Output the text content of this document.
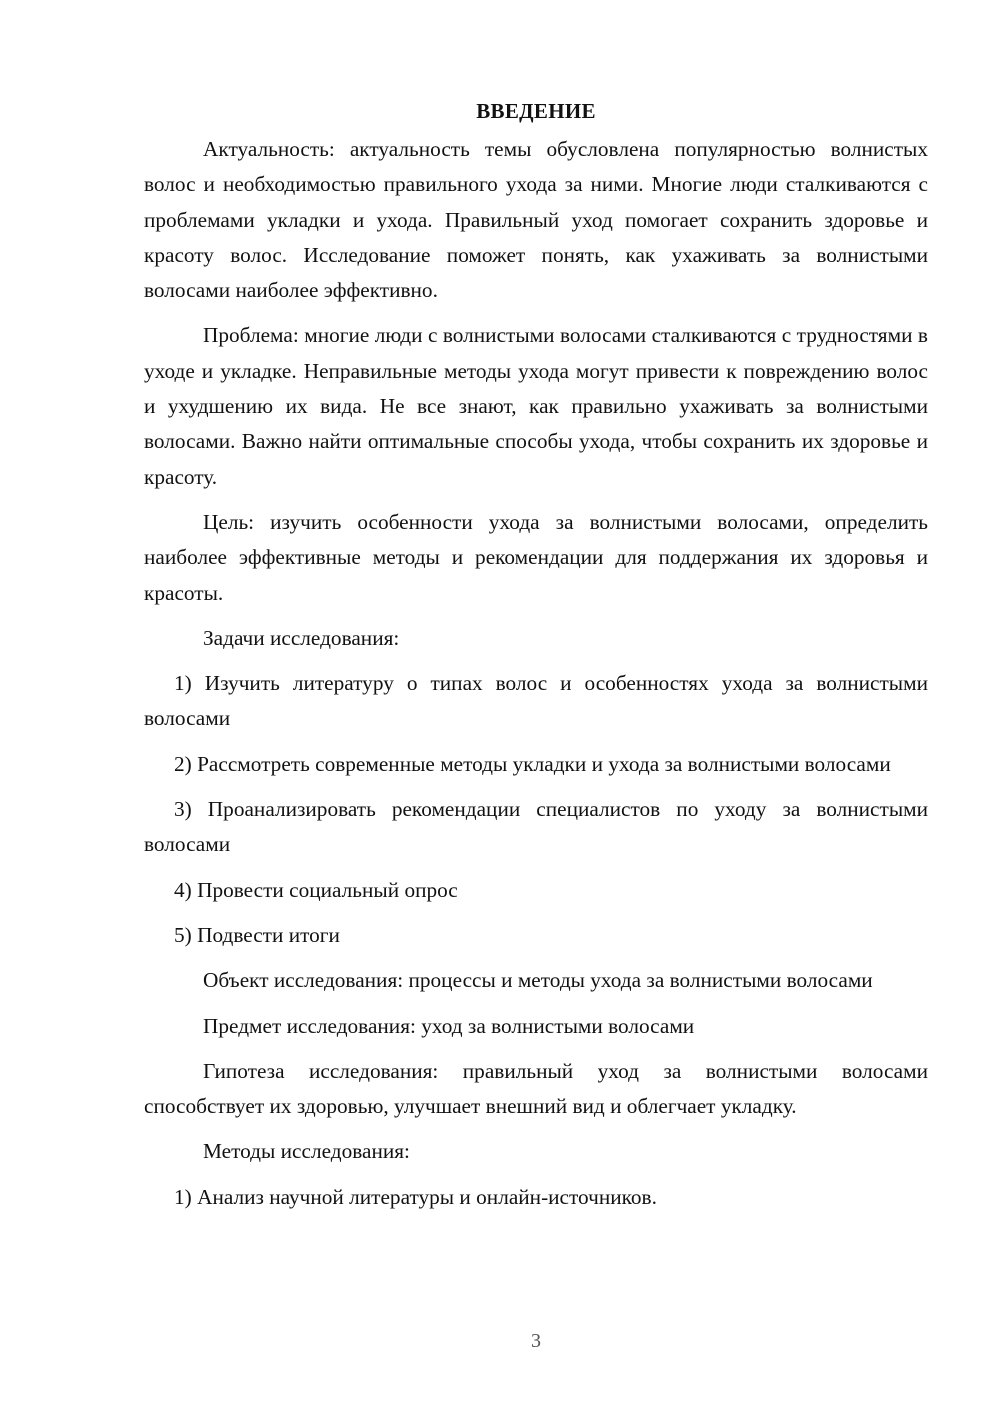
ВВЕДЕНИЕ

Актуальность: актуальность темы обусловлена популярностью волнистых волос и необходимостью правильного ухода за ними. Многие люди сталкиваются с проблемами укладки и ухода. Правильный уход помогает сохранить здоровье и красоту волос. Исследование поможет понять, как ухаживать за волнистыми волосами наиболее эффективно.

Проблема: многие люди с волнистыми волосами сталкиваются с трудностями в уходе и укладке. Неправильные методы ухода могут привести к повреждению волос и ухудшению их вида. Не все знают, как правильно ухаживать за волнистыми волосами. Важно найти оптимальные способы ухода, чтобы сохранить их здоровье и красоту.

Цель: изучить особенности ухода за волнистыми волосами, определить наиболее эффективные методы и рекомендации для поддержания их здоровья и красоты.

Задачи исследования:

1) Изучить литературу о типах волос и особенностях ухода за волнистыми волосами

2) Рассмотреть современные методы укладки и ухода за волнистыми волосами

3) Проанализировать рекомендации специалистов по уходу за волнистыми волосами

4) Провести социальный опрос

5) Подвести итоги

Объект исследования: процессы и методы ухода за волнистыми волосами

Предмет исследования: уход за волнистыми волосами

Гипотеза исследования: правильный уход за волнистыми волосами способствует их здоровью, улучшает внешний вид и облегчает укладку.

Методы исследования:

1) Анализ научной литературы и онлайн-источников.

3
